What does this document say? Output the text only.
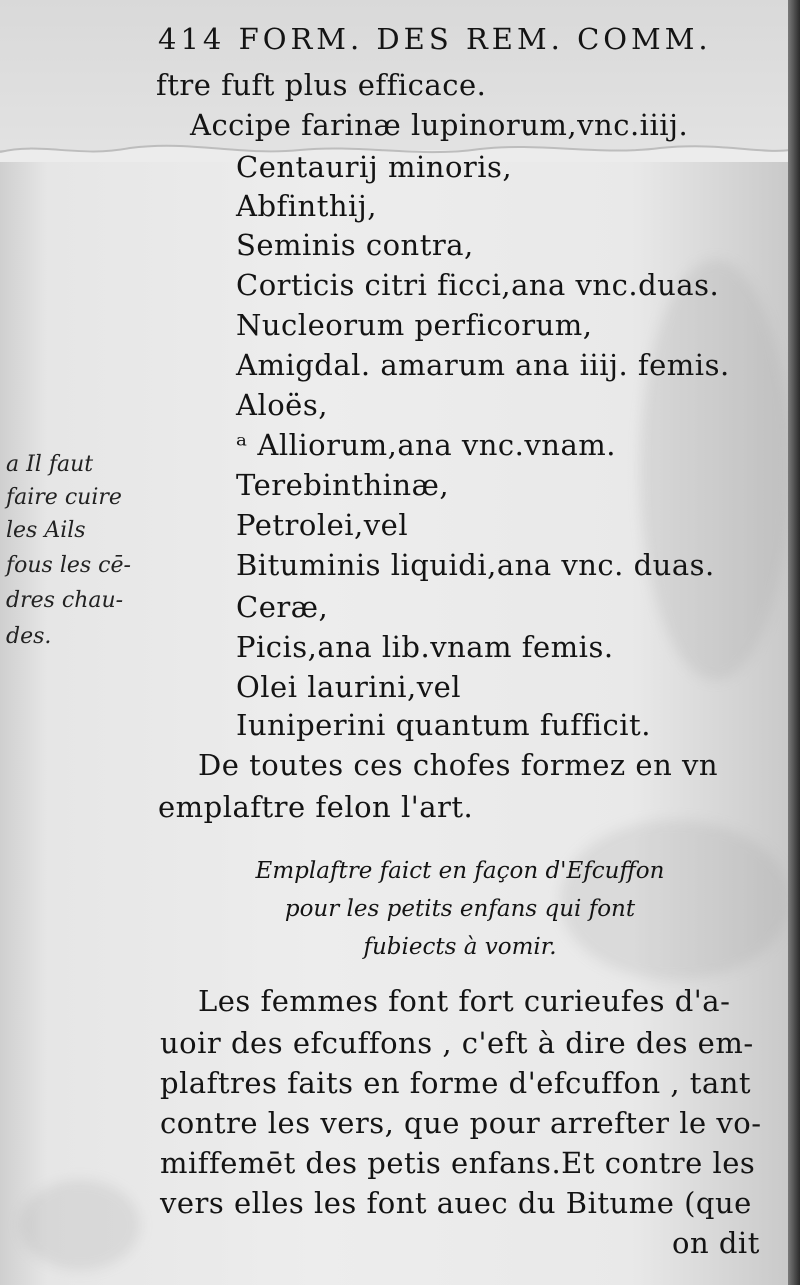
414 FORM. DES REM. COMM.
ftre fuft plus efficace.
Accipe farinæ lupinorum,vnc.iiij.
Centaurij minoris,
Abfinthij,
Seminis contra,
Corticis citri ficci,ana vnc.duas.
Nucleorum perficorum,
Amigdal. amarum ana iiij. femis.
Aloës,
ᵃ Alliorum,ana vnc.vnam.
Terebinthinæ,
Petrolei,vel
Bituminis liquidi,ana vnc. duas.
Ceræ,
Picis,ana lib.vnam femis.
Olei laurini,vel
Iuniperini quantum fufficit.
De toutes ces chofes formez en vn
emplaftre felon l'art.
a Il faut
faire cuire
les Ails
fous les cē-
dres chau-
des.
Emplaftre faict en façon d'Efcuffon
pour les petits enfans qui font
fubiects à vomir.
Les femmes font fort curieufes d'a-
uoir des efcuffons , c'eft à dire des em-
plaftres faits en forme d'efcuffon , tant
contre les vers, que pour arrefter le vo-
miffemēt des petis enfans.Et contre les
vers elles les font auec du Bitume (que
on dit
